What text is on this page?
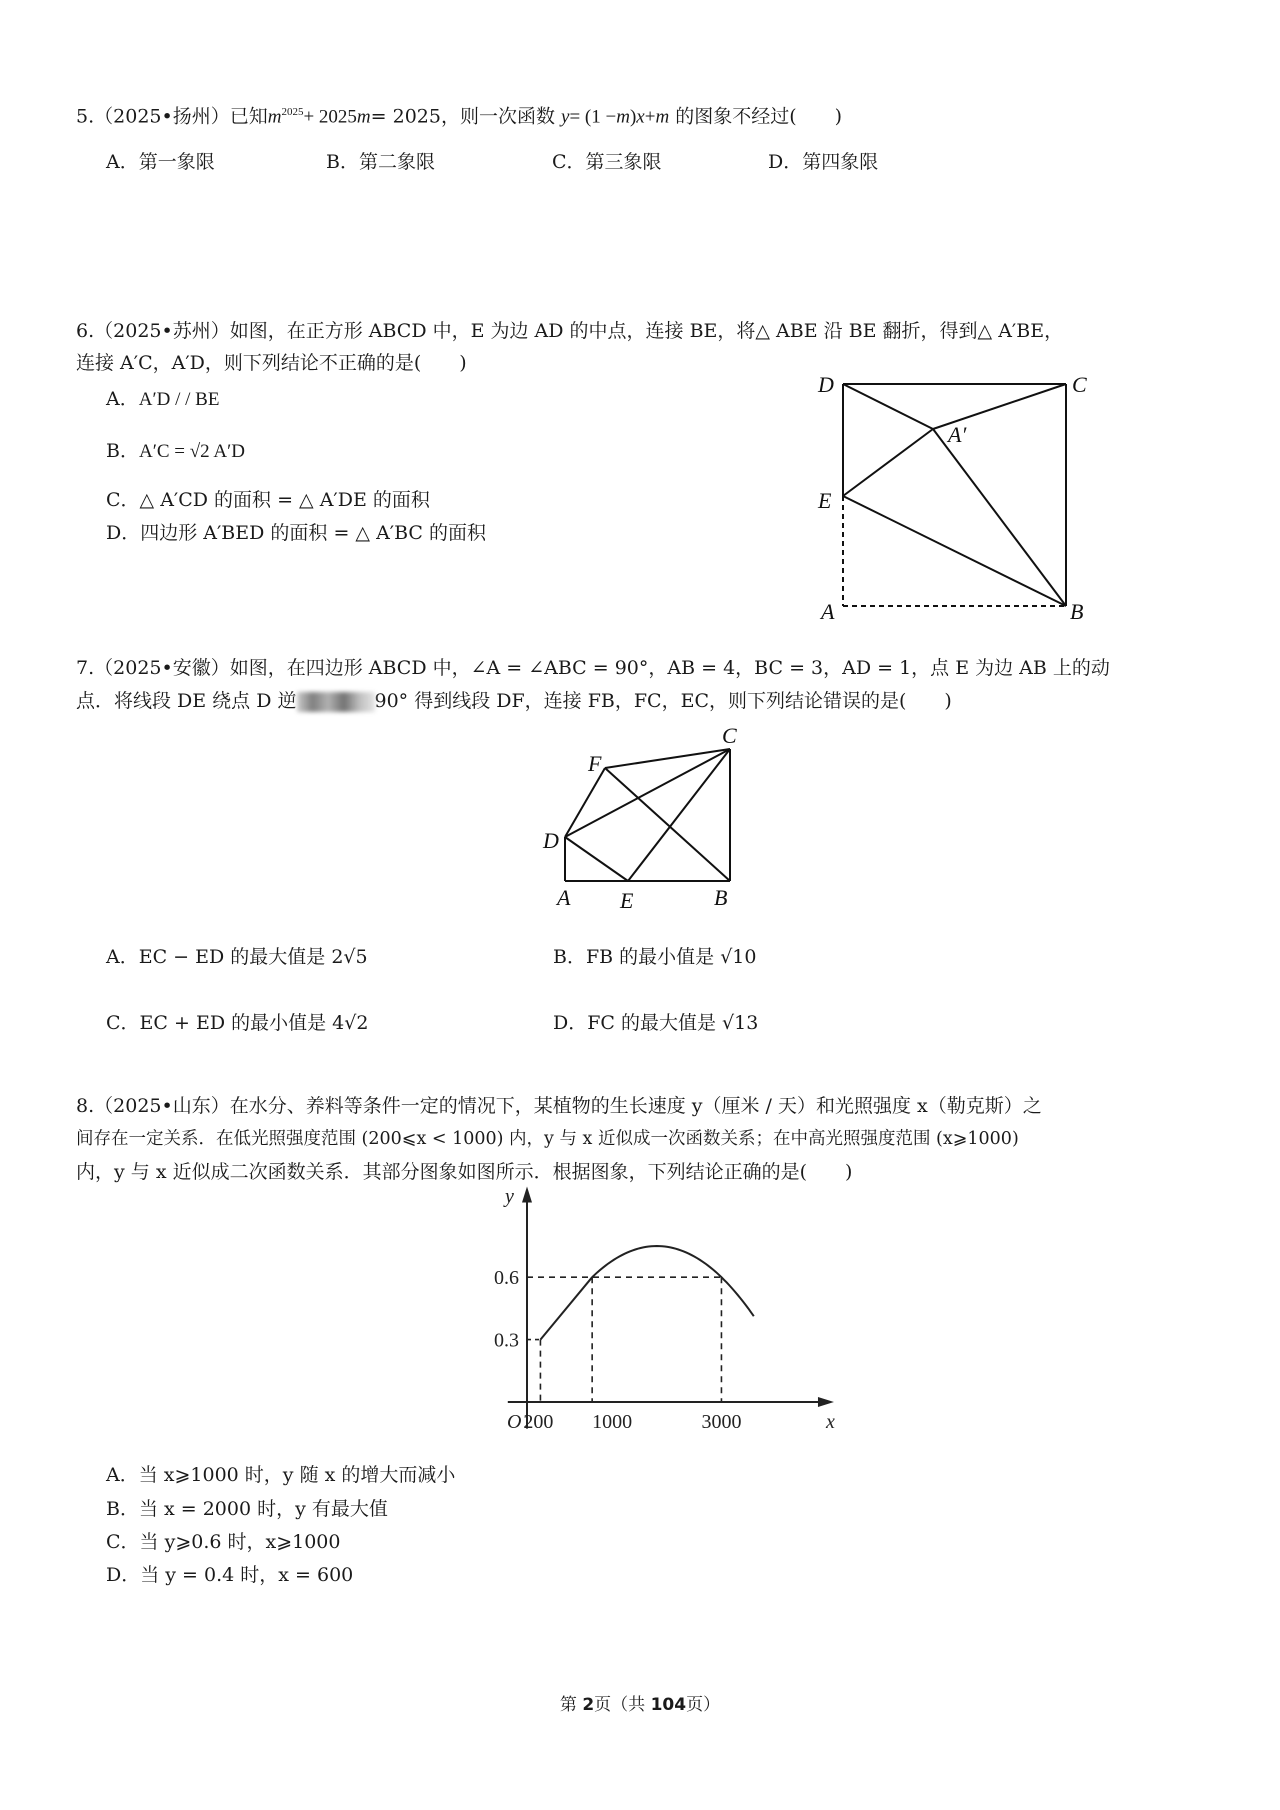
5.（2025•扬州）已知$m^{2025}+ 2025m= 2025$，则一次函数 y= (1 −m)x+m 的图象不经过(　　)
A．第一象限	B．第二象限	C．第三象限	D．第四象限
6.（2025•苏州）如图，在正方形 ABCD 中，E 为边 AD 的中点，连接 BE，将△ ABE 沿 BE 翻折，得到△ A′BE，
连接 A′C，A′D，则下列结论不正确的是(　　)
A．A′D / / BE
B．A′C = √2 A′D
C．△ A′CD 的面积 = △ A′DE 的面积
D．四边形 A′BED 的面积 = △ A′BC 的面积
D	C
A′
E
A	B
7.（2025•安徽）如图，在四边形 ABCD 中，∠A = ∠ABC = 90°，AB = 4，BC = 3，AD = 1，点 E 为边 AB 上的动
点．将线段 DE 绕点 D 逆	90° 得到线段 DF，连接 FB，FC，EC，则下列结论错误的是(　　)
C
F
D
A E	B
A．EC − ED 的最大值是 2√5	B．FB 的最小值是 √10
C．EC + ED 的最小值是 4√2	D．FC 的最大值是 √13
8.（2025•山东）在水分、养料等条件一定的情况下，某植物的生长速度 y（厘米 / 天）和光照强度 x（勒克斯）之
间存在一定关系．在低光照强度范围 (200⩽x < 1000) 内，y 与 x 近似成一次函数关系；在中高光照强度范围 (x⩾1000)
内，y 与 x 近似成二次函数关系．其部分图象如图所示．根据图象，下列结论正确的是(　　)
200 1000	3000
0.3
0.6
O	x
y
A．当 x⩾1000 时，y 随 x 的增大而减小
B．当 x = 2000 时，y 有最大值
C．当 y⩾0.6 时，x⩾1000
D．当 y = 0.4 时，x = 600
第 2页（共 104页）
